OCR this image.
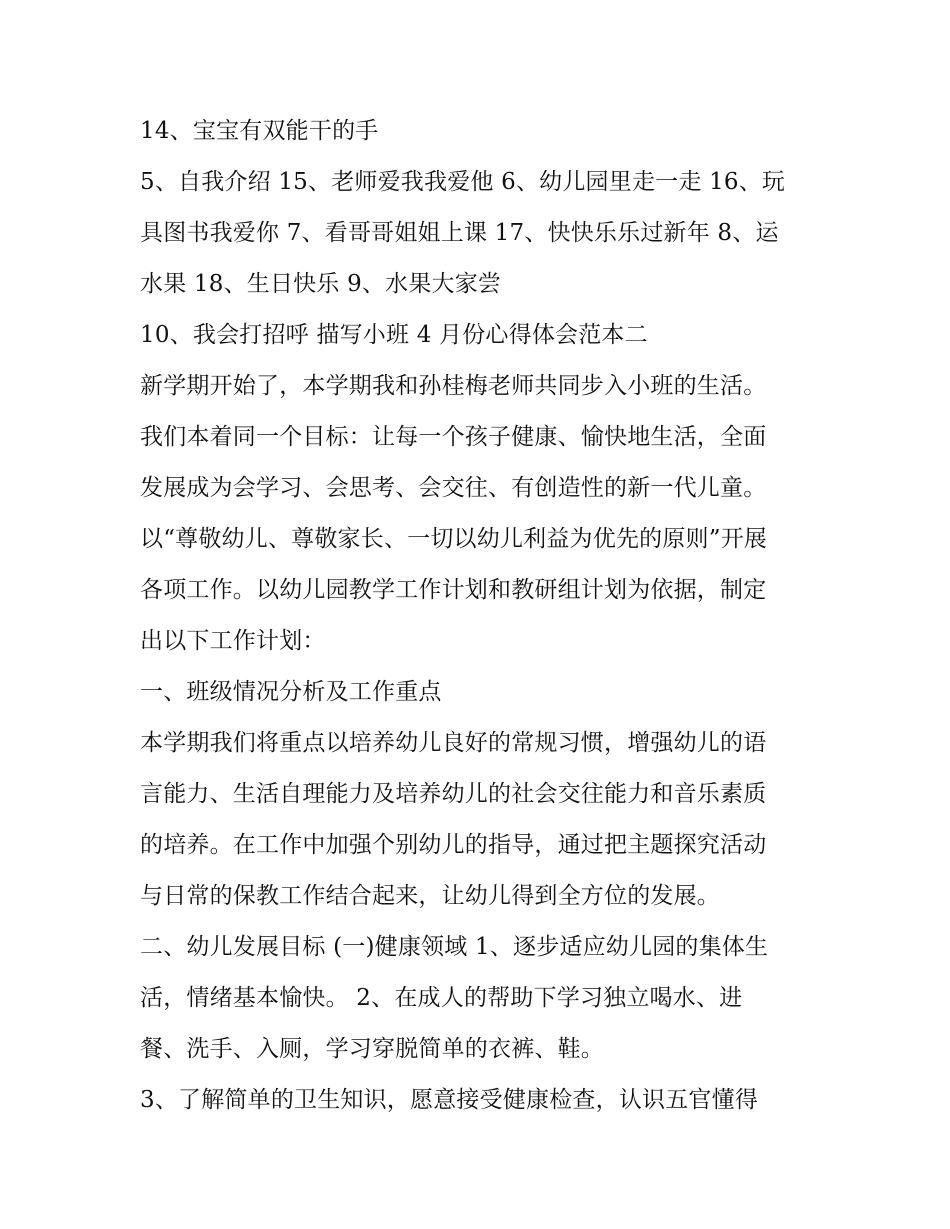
14、宝宝有双能干的手
5、自我介绍 15、老师爱我我爱他 6、幼儿园里走一走 16、玩
具图书我爱你 7、看哥哥姐姐上课 17、快快乐乐过新年 8、运
水果 18、生日快乐 9、水果大家尝
10、我会打招呼 描写小班 4 月份心得体会范本二
新学期开始了，本学期我和孙桂梅老师共同步入小班的生活。
我们本着同一个目标：让每一个孩子健康、愉快地生活，全面
发展成为会学习、会思考、会交往、有创造性的新一代儿童。
以“尊敬幼儿、尊敬家长、一切以幼儿利益为优先的原则”开展
各项工作。以幼儿园教学工作计划和教研组计划为依据，制定
出以下工作计划：
一、班级情况分析及工作重点
本学期我们将重点以培养幼儿良好的常规习惯，增强幼儿的语
言能力、生活自理能力及培养幼儿的社会交往能力和音乐素质
的培养。在工作中加强个别幼儿的指导，通过把主题探究活动
与日常的保教工作结合起来，让幼儿得到全方位的发展。
二、幼儿发展目标 (一)健康领域 1、逐步适应幼儿园的集体生
活，情绪基本愉快。 2、在成人的帮助下学习独立喝水、进
餐、洗手、入厕，学习穿脱简单的衣裤、鞋。
3、了解简单的卫生知识，愿意接受健康检查，认识五官懂得
